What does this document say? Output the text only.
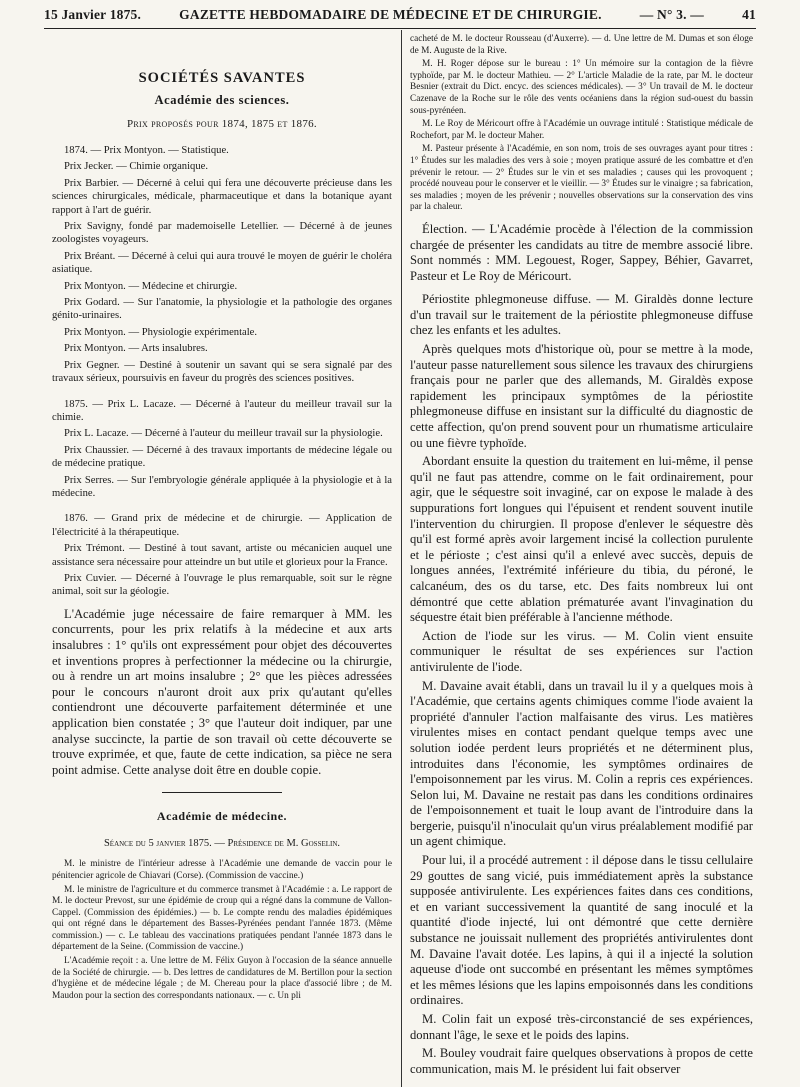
15 Janvier 1875.	GAZETTE HEBDOMADAIRE DE MÉDECINE ET DE CHIRURGIE.	— N° 3. —	41
SOCIÉTÉS SAVANTES
Académie des sciences.
Prix proposés pour 1874, 1875 et 1876.

1874. — Prix Montyon. — Statistique.

Prix Jecker. — Chimie organique.

Prix Barbier. — Décerné à celui qui fera une découverte précieuse dans les sciences chirurgicales, médicale, pharmaceutique et dans la botanique ayant rapport à l'art de guérir.

Prix Savigny, fondé par mademoiselle Letellier. — Décerné à de jeunes zoologistes voyageurs.

Prix Bréant. — Décerné à celui qui aura trouvé le moyen de guérir le choléra asiatique.

Prix Montyon. — Médecine et chirurgie.

Prix Godard. — Sur l'anatomie, la physiologie et la pathologie des organes génito-urinaires.

Prix Montyon. — Physiologie expérimentale.

Prix Montyon. — Arts insalubres.

Prix Gegner. — Destiné à soutenir un savant qui se sera signalé par des travaux sérieux, poursuivis en faveur du progrès des sciences positives.

1875. — Prix L. Lacaze. — Décerné à l'auteur du meilleur travail sur la chimie.

Prix L. Lacaze. — Décerné à l'auteur du meilleur travail sur la physiologie.

Prix Chaussier. — Décerné à des travaux importants de médecine légale ou de médecine pratique.

Prix Serres. — Sur l'embryologie générale appliquée à la physiologie et à la médecine.

1876. — Grand prix de médecine et de chirurgie. — Application de l'électricité à la thérapeutique.

Prix Trémont. — Destiné à tout savant, artiste ou mécanicien auquel une assistance sera nécessaire pour atteindre un but utile et glorieux pour la France.

Prix Cuvier. — Décerné à l'ouvrage le plus remarquable, soit sur le règne animal, soit sur la géologie.

L'Académie juge nécessaire de faire remarquer à MM. les concurrents, pour les prix relatifs à la médecine et aux arts insalubres : 1° qu'ils ont expressément pour objet des découvertes et inventions propres à perfectionner la médecine ou la chirurgie, ou à rendre un art moins insalubre ; 2° que les pièces adressées pour le concours n'auront droit aux prix qu'autant qu'elles contiendront une découverte parfaitement déterminée et une application bien constatée ; 3° que l'auteur doit indiquer, par une analyse succincte, la partie de son travail où cette découverte se trouve exprimée, et que, faute de cette indication, sa pièce ne sera point admise. Cette analyse doit être en double copie.

Académie de médecine.
Séance du 5 janvier 1875. — Présidence de M. Gosselin.

M. le ministre de l'intérieur adresse à l'Académie une demande de vaccin pour le pénitencier agricole de Chiavari (Corse). (Commission de vaccine.)

M. le ministre de l'agriculture et du commerce transmet à l'Académie : a. Le rapport de M. le docteur Prevost, sur une épidémie de croup qui a régné dans la commune de Vallon-Cappel. (Commission des épidémies.) — b. Le compte rendu des maladies épidémiques qui ont régné dans le département des Basses-Pyrénées pendant l'année 1873. (Même commission.) — c. Le tableau des vaccinations pratiquées pendant l'année 1873 dans le département de la Seine. (Commission de vaccine.)

L'Académie reçoit : a. Une lettre de M. Félix Guyon à l'occasion de la séance annuelle de la Société de chirurgie. — b. Des lettres de candidatures de M. Bertillon pour la section d'hygiène et de médecine légale ; de M. Chereau pour la place d'associé libre ; de M. Maudon pour la section des correspondants nationaux. — c. Un pli

cacheté de M. le docteur Rousseau (d'Auxerre). — d. Une lettre de M. Dumas et son éloge de M. Auguste de la Rive.

M. H. Roger dépose sur le bureau : 1° Un mémoire sur la contagion de la fièvre typhoïde, par M. le docteur Mathieu. — 2° L'article Maladie de la rate, par M. le docteur Besnier (extrait du Dict. encyc. des sciences médicales). — 3° Un travail de M. le docteur Cazenave de la Roche sur le rôle des vents océaniens dans la région sud-ouest du bassin sous-pyrénéen.

M. Le Roy de Méricourt offre à l'Académie un ouvrage intitulé : Statistique médicale de Rochefort, par M. le docteur Maher.

M. Pasteur présente à l'Académie, en son nom, trois de ses ouvrages ayant pour titres : 1° Études sur les maladies des vers à soie ; moyen pratique assuré de les combattre et d'en prévenir le retour. — 2° Études sur le vin et ses maladies ; causes qui les provoquent ; procédé nouveau pour le conserver et le vieillir. — 3° Études sur le vinaigre ; sa fabrication, ses maladies ; moyen de les prévenir ; nouvelles observations sur la conservation des vins par la chaleur.

Élection. — L'Académie procède à l'élection de la commission chargée de présenter les candidats au titre de membre associé libre. Sont nommés : MM. Legouest, Roger, Sappey, Béhier, Gavarret, Pasteur et Le Roy de Méricourt.

Périostite phlegmoneuse diffuse. — M. Giraldès donne lecture d'un travail sur le traitement de la périostite phlegmoneuse diffuse chez les enfants et les adultes.

Après quelques mots d'historique où, pour se mettre à la mode, l'auteur passe naturellement sous silence les travaux des chirurgiens français pour ne parler que des allemands, M. Giraldès expose rapidement les principaux symptômes de la périostite phlegmoneuse diffuse en insistant sur la difficulté du diagnostic de cette affection, qu'on prend souvent pour un rhumatisme articulaire ou une fièvre typhoïde.

Abordant ensuite la question du traitement en lui-même, il pense qu'il ne faut pas attendre, comme on le fait ordinairement, pour agir, que le séquestre soit invaginé, car on expose le malade à des suppurations fort longues qui l'épuisent et rendent souvent inutile l'intervention du chirurgien. Il propose d'enlever le séquestre dès qu'il est formé après avoir largement incisé la collection purulente et le périoste ; c'est ainsi qu'il a enlevé avec succès, depuis de longues années, l'extrémité inférieure du tibia, du péroné, le calcanéum, des os du tarse, etc. Des faits nombreux lui ont démontré que cette ablation prématurée avant l'invagination du séquestre était bien préférable à l'ancienne méthode.

Action de l'iode sur les virus. — M. Colin vient ensuite communiquer le résultat de ses expériences sur l'action antivirulente de l'iode.

M. Davaine avait établi, dans un travail lu il y a quelques mois à l'Académie, que certains agents chimiques comme l'iode avaient la propriété d'annuler l'action malfaisante des virus. Les matières virulentes mises en contact pendant quelque temps avec une solution iodée perdent leurs propriétés et ne déterminent plus, introduites dans l'économie, les symptômes ordinaires de l'empoisonnement par les virus. M. Colin a repris ces expériences. Selon lui, M. Davaine ne restait pas dans les conditions ordinaires de l'empoisonnement et tuait le loup avant de l'introduire dans la bergerie, puisqu'il n'inoculait qu'un virus préalablement modifié par un agent chimique.

Pour lui, il a procédé autrement : il dépose dans le tissu cellulaire 29 gouttes de sang vicié, puis immédiatement après la substance supposée antivirulente. Les expériences faites dans ces conditions, et en variant successivement la quantité de sang inoculé et la quantité d'iode injecté, lui ont démontré que cette dernière substance ne jouissait nullement des propriétés antivirulentes dont M. Davaine l'avait dotée. Les lapins, à qui il a injecté la solution aqueuse d'iode ont succombé en présentant les mêmes symptômes et les mêmes lésions que les lapins empoisonnés dans les conditions ordinaires.

M. Colin fait un exposé très-circonstancié de ses expériences, donnant l'âge, le sexe et le poids des lapins.

M. Bouley voudrait faire quelques observations à propos de cette communication, mais M. le président lui fait observer
